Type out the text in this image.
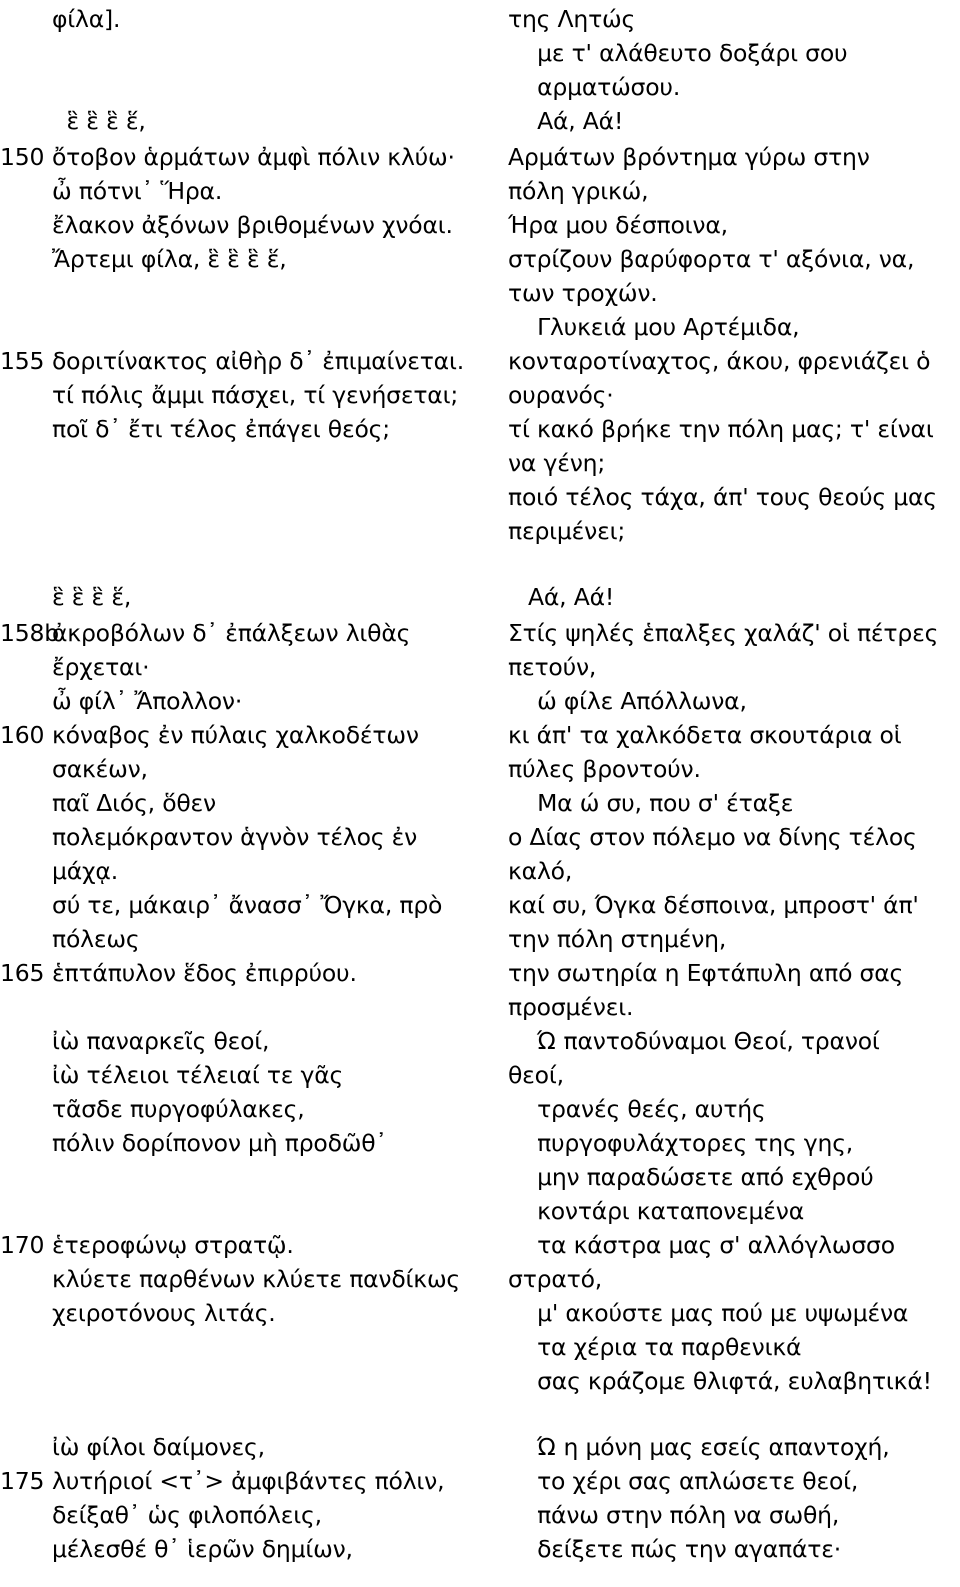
φίλα].	της Λητώς
με τ' αλάθευτο δοξάρι σου
αρματώσου.
ἓ ἓ ἓ ἕ,	Αά, Αά!
150 ὄτοβον ἁρμάτων ἀμφὶ πόλιν κλύω·
ὦ πότνι᾽ Ἥρα.
ἔλακον ἀξόνων βριθομένων χνόαι.
Ἄρτεμι φίλα, ἓ ἓ ἓ ἕ,
Αρμάτων βρόντημα γύρω στην
πόλη γρικώ,
Ήρα μου δέσποινα,
στρίζουν βαρύφορτα τ' αξόνια, να,
των τροχών.
Γλυκειά μου Αρτέμιδα,
155 δοριτίνακτος αἰθὴρ δ᾽ ἐπιμαίνεται.
τί πόλις ἄμμι πάσχει, τί γενήσεται;
ποῖ δ᾽ ἔτι τέλος ἐπάγει θεός;
κονταροτίναχτος, άκου, φρενιάζει ὁ
ουρανός·
τί κακό βρήκε την πόλη μας; τ' είναι
να γένη;
ποιό τέλος τάχα, άπ' τους θεούς μας
περιμένει;
ἓ ἓ ἓ ἕ,	Αά, Αά!
158b
ἀκροβόλων δ᾽ ἐπάλξεων λιθὰς
ἔρχεται·
ὦ φίλ᾽ Ἄπολλον·
Στίς ψηλές ἑπαλξες χαλάζ' οἱ πέτρες
πετούν,
ώ φίλε Απόλλωνα,
160 κόναβος ἐν πύλαις χαλκοδέτων
σακέων,
παῖ Διός, ὅθεν
πολεμόκραντον ἁγνὸν τέλος ἐν
μάχᾳ.
σύ τε, μάκαιρ᾽ ἄνασσ᾽ Ὄγκα, πρὸ
πόλεως
κι άπ' τα χαλκόδετα σκουτάρια οἱ
πύλες βροντούν.
Μα ώ συ, που σ' έταξε
ο Δίας στον πόλεμο να δίνης τέλος
καλό,
καί συ, Όγκα δέσποινα, μπροστ' άπ'
την πόλη στημένη,
165 ἑπτάπυλον ἕδος ἐπιρρύου.	την σωτηρία η Εφτάπυλη από σας
προσμένει.
ἰὼ παναρκεῖς θεοί,
ἰὼ τέλειοι τέλειαί τε γᾶς
τᾶσδε πυργοφύλακες,
πόλιν δορίπονον μὴ προδῶθ᾽
Ώ παντοδύναμοι Θεοί, τρανοί
θεοί,
τρανές θεές, αυτής
πυργοφυλάχτορες της γης,
μην παραδώσετε από εχθρού
κοντάρι καταπονεμένα
170 ἑτεροφώνῳ στρατῷ.
κλύετε παρθένων κλύετε πανδίκως
χειροτόνους λιτάς.
τα κάστρα μας σ' αλλόγλωσσο
στρατό,
μ' ακούστε μας πού με υψωμένα
τα χέρια τα παρθενικά
σας κράζομε θλιφτά, ευλαβητικά!
ἰὼ φίλοι δαίμονες,
175 λυτήριοί <τ᾽> ἀμφιβάντες πόλιν,
δείξαθ᾽ ὡς φιλοπόλεις,
μέλεσθέ θ᾽ ἱερῶν δημίων,
Ώ η μόνη μας εσείς απαντοχή,
το χέρι σας απλώσετε θεοί,
πάνω στην πόλη να σωθή,
δείξετε πώς την αγαπάτε·
